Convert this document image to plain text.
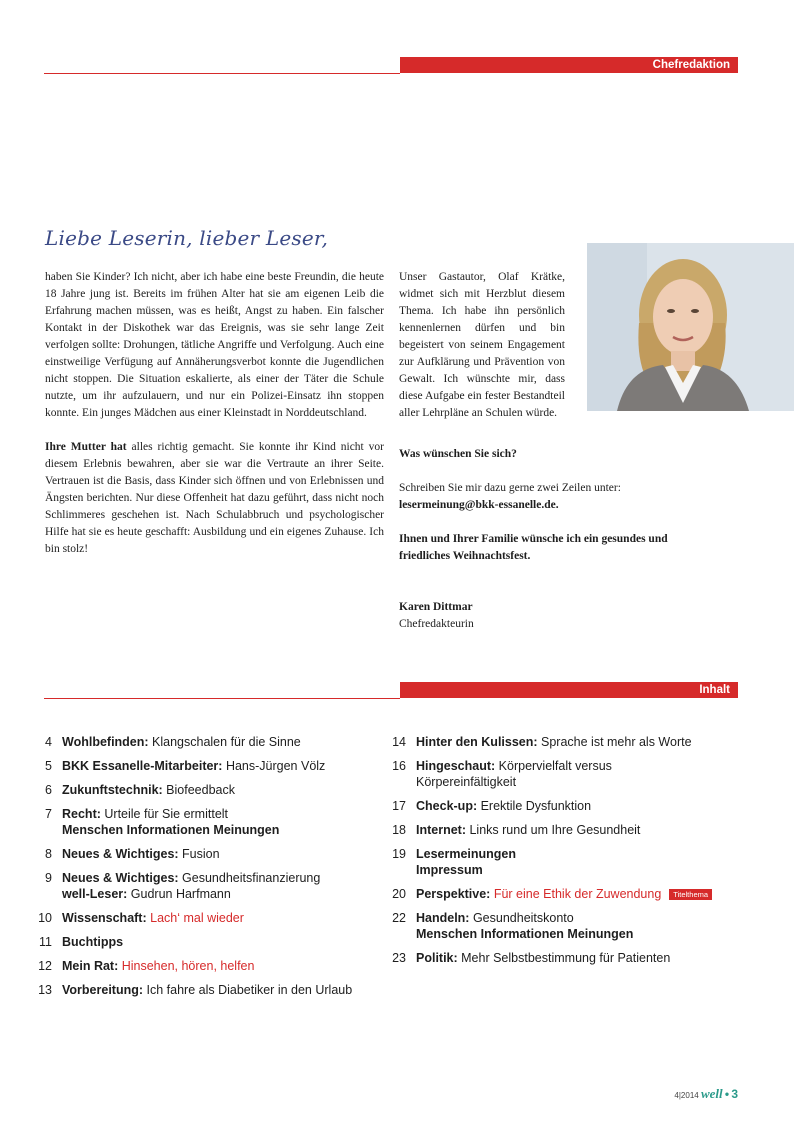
Chefredaktion
Liebe Leserin, lieber Leser,

haben Sie Kinder? Ich nicht, aber ich habe eine beste Freundin, die heute 18 Jahre jung ist. Bereits im frühen Alter hat sie am eigenen Leib die Erfahrung machen müssen, was es heißt, Angst zu haben. Ein falscher Kontakt in der Diskothek war das Ereignis, was sie sehr lange Zeit verfolgen sollte: Drohungen, tätliche Angriffe und Verfolgung. Auch eine einstweilige Verfügung auf Annäherungsverbot konnte die Jugendlichen nicht stoppen. Die Situation eskalierte, als einer der Täter die Schule nutzte, um ihr aufzulauern, und nur ein Polizei-Einsatz ihn stoppen konnte. Ein junges Mädchen aus einer Kleinstadt in Norddeutschland.

Ihre Mutter hat alles richtig gemacht. Sie konnte ihr Kind nicht vor diesem Erlebnis bewahren, aber sie war die Vertraute an ihrer Seite. Vertrauen ist die Basis, dass Kinder sich öffnen und von Erlebnissen und Ängsten berichten. Nur diese Offenheit hat dazu geführt, dass nicht noch Schlimmeres geschehen ist. Nach Schulabbruch und psychologischer Hilfe hat sie es heute geschafft: Ausbildung und ein eigenes Zuhause. Ich bin stolz!

Unser Gastautor, Olaf Krätke, widmet sich mit Herzblut diesem Thema. Ich habe ihn persönlich kennenlernen dürfen und bin begeistert von seinem Engagement zur Aufklärung und Prävention von Gewalt. Ich wünschte mir, dass diese Aufgabe ein fester Bestandteil aller Lehrpläne an Schulen würde.

Was wünschen Sie sich?

Schreiben Sie mir dazu gerne zwei Zeilen unter:
lesermeinung@bkk-essanelle.de.

Ihnen und Ihrer Familie wünsche ich ein gesundes und friedliches Weihnachtsfest.

Karen Dittmar
Chefredakteurin
Inhalt
4 Wohlbefinden: Klangschalen für die Sinne
5 BKK Essanelle-Mitarbeiter: Hans-Jürgen Völz
6 Zukunftstechnik: Biofeedback
7 Recht: Urteile für Sie ermittelt
Menschen Informationen Meinungen
8 Neues & Wichtiges: Fusion
9 Neues & Wichtiges: Gesundheitsfinanzierung
well-Leser: Gudrun Harfmann
10 Wissenschaft: Lach‘ mal wieder
11 Buchtipps
12 Mein Rat: Hinsehen, hören, helfen
13 Vorbereitung: Ich fahre als Diabetiker in den Urlaub
14 Hinter den Kulissen: Sprache ist mehr als Worte
16 Hingeschaut: Körpervielfalt versus Körpereinfältigkeit
17 Check-up: Erektile Dysfunktion
18 Internet: Links rund um Ihre Gesundheit
19 Lesermeinungen
Impressum
20 Perspektive: Für eine Ethik der Zuwendung Titelthema
22 Handeln: Gesundheitskonto
Menschen Informationen Meinungen
23 Politik: Mehr Selbstbestimmung für Patienten
4|2014 well • 3
